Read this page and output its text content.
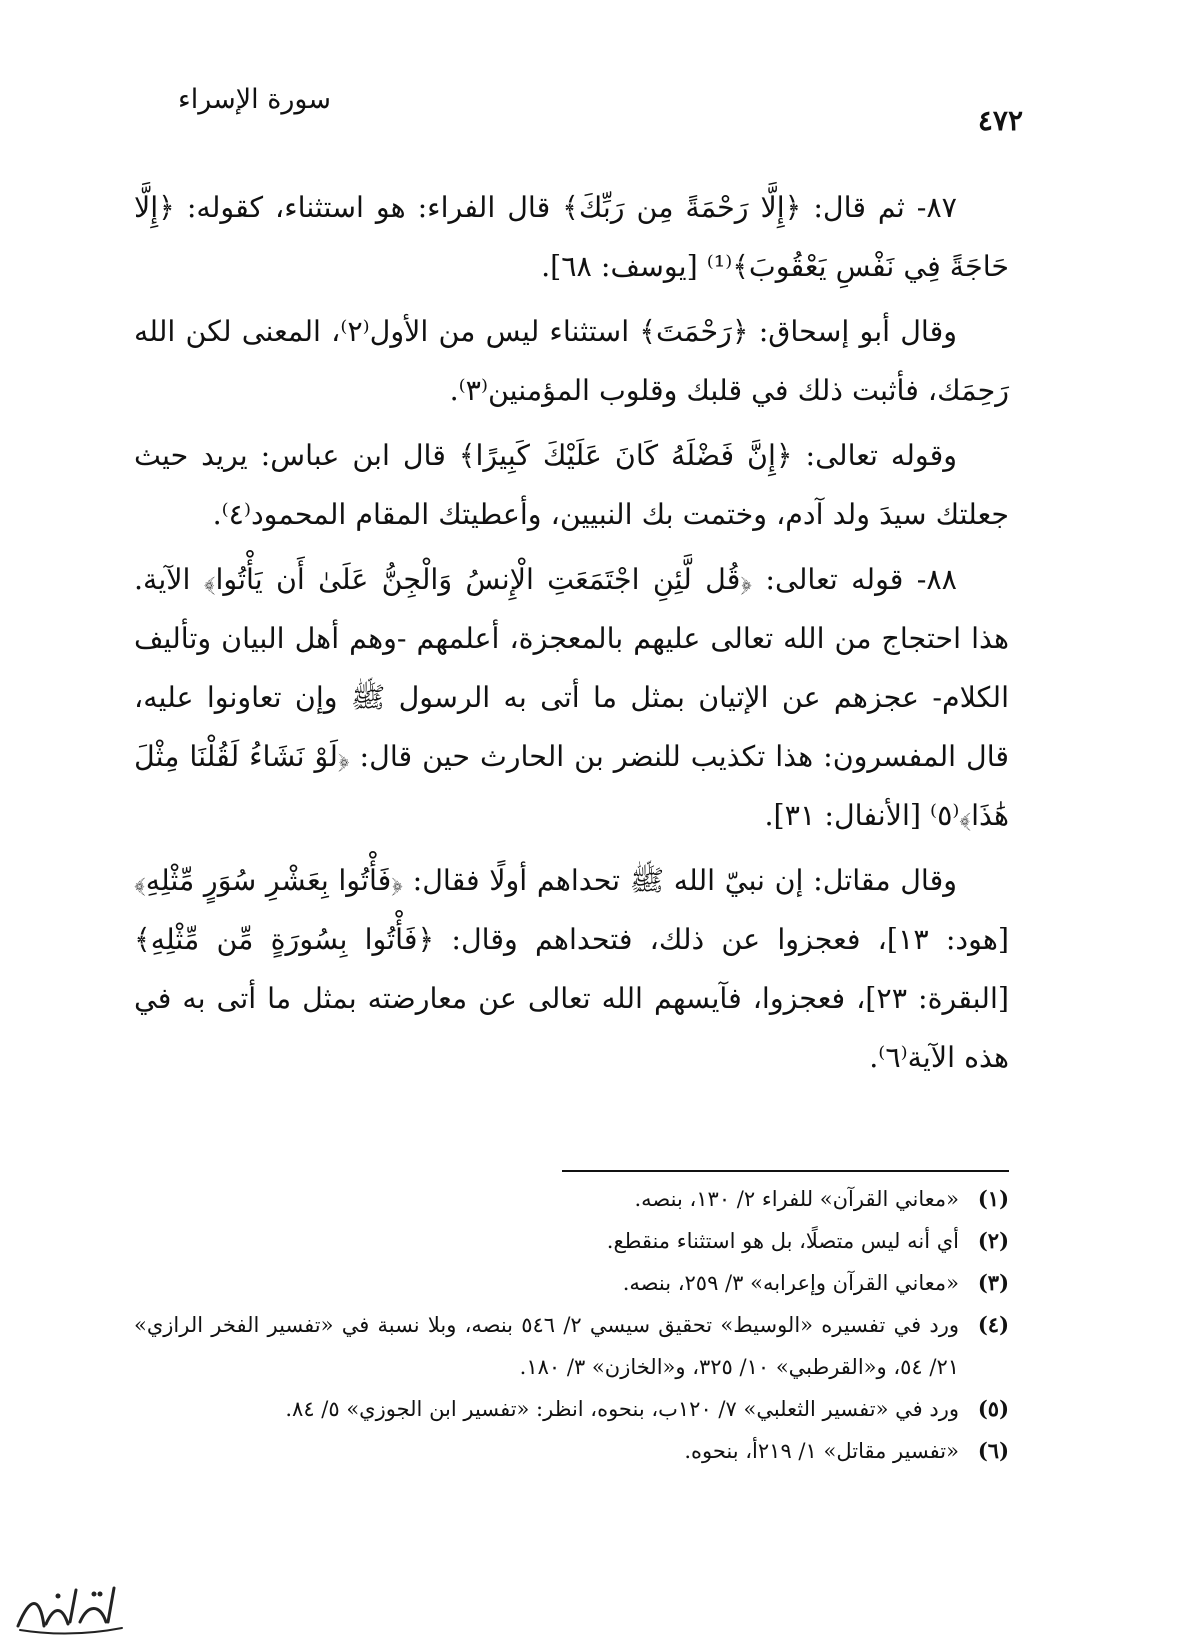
سورة الإسراء
٤٧٢

٨٧- ثم قال: ﴿إِلَّا رَحْمَةً مِن رَبِّكَ﴾ قال الفراء: هو استثناء، كقوله: ﴿إِلَّا حَاجَةً فِي نَفْسِ يَعْقُوبَ﴾⁽¹⁾ [يوسف: ٦٨].

وقال أبو إسحاق: ﴿رَحْمَتَ﴾ استثناء ليس من الأول⁽٢⁾، المعنى لكن الله رَحِمَك، فأثبت ذلك في قلبك وقلوب المؤمنين⁽٣⁾.

وقوله تعالى: ﴿إِنَّ فَضْلَهُ كَانَ عَلَيْكَ كَبِيرًا﴾ قال ابن عباس: يريد حيث جعلتك سيدَ ولد آدم، وختمت بك النبيين، وأعطيتك المقام المحمود⁽٤⁾.

٨٨- قوله تعالى: ﴿قُل لَّئِنِ اجْتَمَعَتِ الْإِنسُ وَالْجِنُّ عَلَىٰ أَن يَأْتُوا﴾ الآية. هذا احتجاج من الله تعالى عليهم بالمعجزة، أعلمهم -وهم أهل البيان وتأليف الكلام- عجزهم عن الإتيان بمثل ما أتى به الرسول ﷺ وإن تعاونوا عليه، قال المفسرون: هذا تكذيب للنضر بن الحارث حين قال: ﴿لَوْ نَشَاءُ لَقُلْنَا مِثْلَ هَٰذَا﴾⁽٥⁾ [الأنفال: ٣١].

وقال مقاتل: إن نبيّ الله ﷺ تحداهم أولًا فقال: ﴿فَأْتُوا بِعَشْرِ سُوَرٍ مِّثْلِهِ﴾ [هود: ١٣]، فعجزوا عن ذلك، فتحداهم وقال: ﴿فَأْتُوا بِسُورَةٍ مِّن مِّثْلِهِ﴾ [البقرة: ٢٣]، فعجزوا، فآيسهم الله تعالى عن معارضته بمثل ما أتى به في هذه الآية⁽٦⁾.

(١)
«معاني القرآن» للفراء ٢/ ١٣٠، بنصه.
(٢)
أي أنه ليس متصلًا، بل هو استثناء منقطع.
(٣)
«معاني القرآن وإعرابه» ٣/ ٢٥٩، بنصه.
(٤)
ورد في تفسيره «الوسيط» تحقيق سيسي ٢/ ٥٤٦ بنصه، وبلا نسبة في «تفسير الفخر الرازي» ٢١/ ٥٤، و«القرطبي» ١٠/ ٣٢٥، و«الخازن» ٣/ ١٨٠.
(٥)
ورد في «تفسير الثعلبي» ٧/ ١٢٠ب، بنحوه، انظر: «تفسير ابن الجوزي» ٥/ ٨٤.
(٦)
«تفسير مقاتل» ١/ ٢١٩أ، بنحوه.
